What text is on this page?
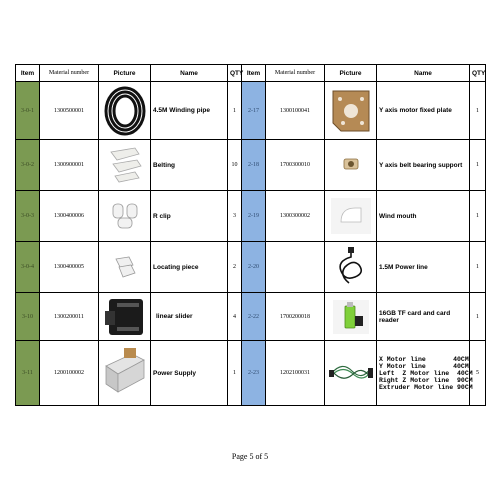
Item	Material number	Picture	Name	QTY	Item	Material number	Picture	Name	QTY
3-0-1	1300500001		4.5M Winding pipe	1	2-17	1300100041		Y axis motor fixed plate	1
3-0-2	1300900001		Belting	10	2-18	1700300010		Y axis belt bearing support	1
3-0-3	1300400006		R clip	3	2-19	1300300002		Wind mouth	1
3-0-4	1300400005		Locating piece	2	2-20			1.5M Power line	1
3-10	1300200011		linear slider	4	2-22	1700200018		16GB TF card and card reader	1
3-11	1200100002		Power Supply	1	2-23	1202100031		X Motor line       40CM
Y Motor line       40CM
Left  Z Motor line  40CM
Right Z Motor line  90CM
Extruder Motor line 90CM	5
Page 5 of 5
